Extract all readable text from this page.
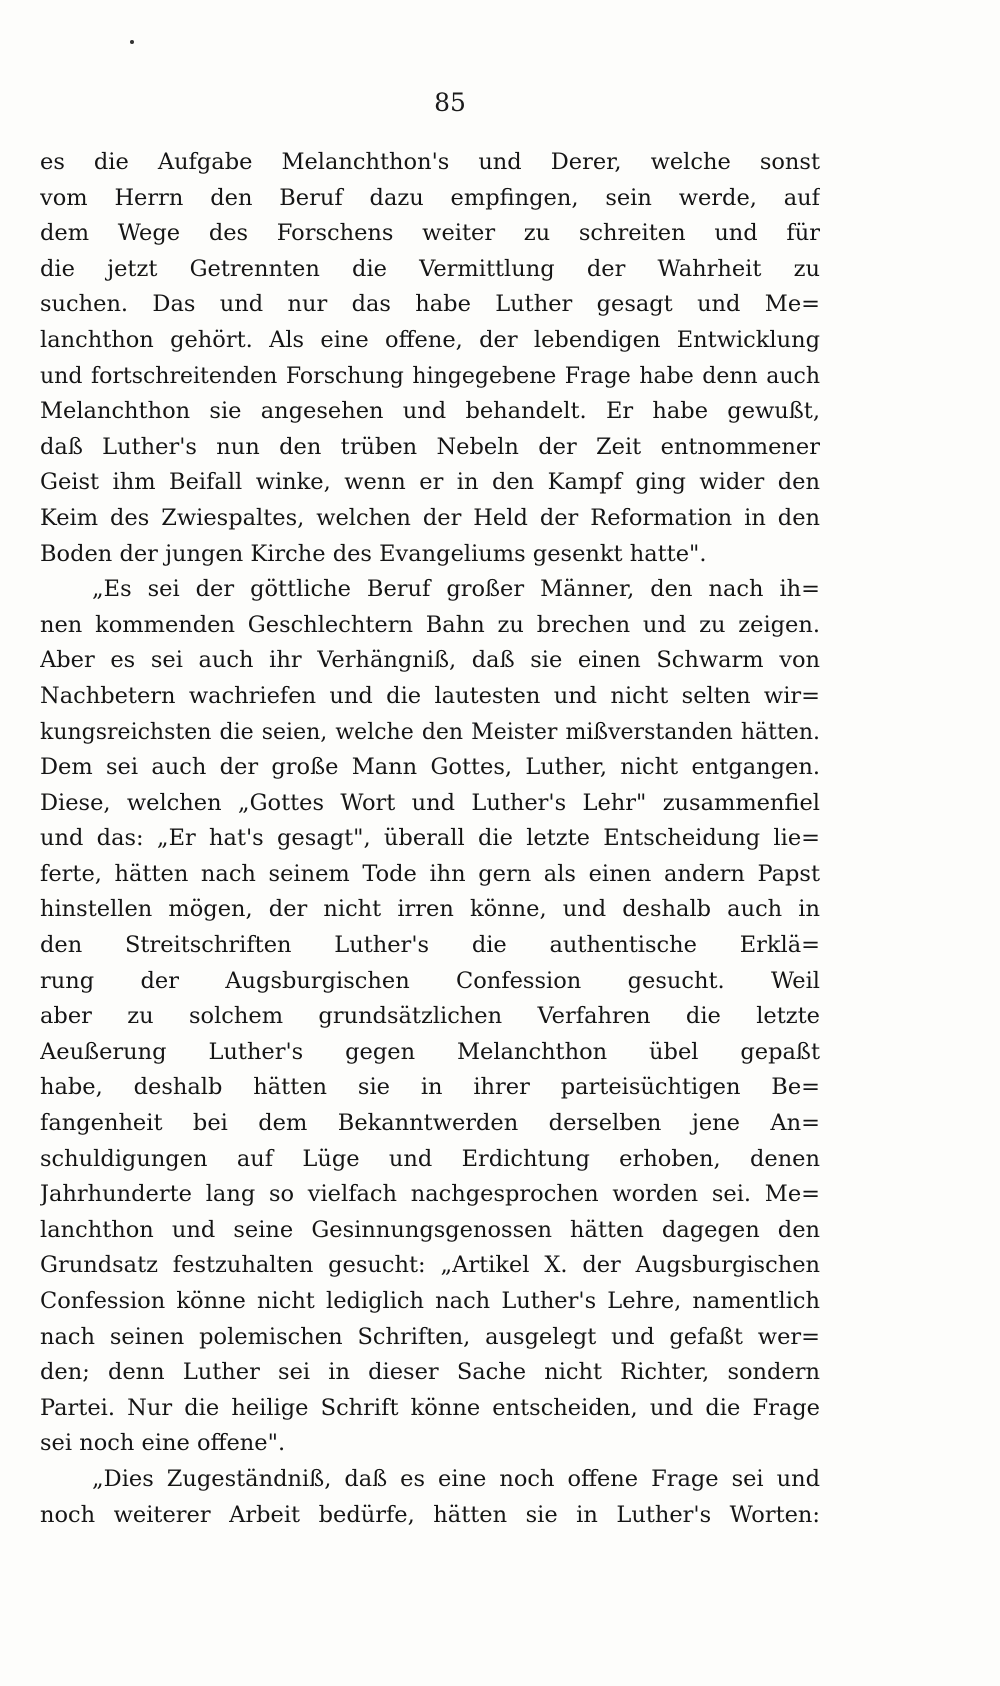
85
es die Aufgabe Melanchthon's und Derer, welche sonst
vom Herrn den Beruf dazu empfingen, sein werde, auf
dem Wege des Forschens weiter zu schreiten und für
die jetzt Getrennten die Vermittlung der Wahrheit zu
suchen. Das und nur das habe Luther gesagt und Me=
lanchthon gehört. Als eine offene, der lebendigen Entwicklung
und fortschreitenden Forschung hingegebene Frage habe denn auch
Melanchthon sie angesehen und behandelt. Er habe gewußt,
daß Luther's nun den trüben Nebeln der Zeit entnommener
Geist ihm Beifall winke, wenn er in den Kampf ging wider den
Keim des Zwiespaltes, welchen der Held der Reformation in den
Boden der jungen Kirche des Evangeliums gesenkt hatte".
„Es sei der göttliche Beruf großer Männer, den nach ih=
nen kommenden Geschlechtern Bahn zu brechen und zu zeigen.
Aber es sei auch ihr Verhängniß, daß sie einen Schwarm von
Nachbetern wachriefen und die lautesten und nicht selten wir=
kungsreichsten die seien, welche den Meister mißverstanden hätten.
Dem sei auch der große Mann Gottes, Luther, nicht entgangen.
Diese, welchen „Gottes Wort und Luther's Lehr" zusammenfiel
und das: „Er hat's gesagt", überall die letzte Entscheidung lie=
ferte, hätten nach seinem Tode ihn gern als einen andern Papst
hinstellen mögen, der nicht irren könne, und deshalb auch in
den Streitschriften Luther's die authentische Erklä=
rung der Augsburgischen Confession gesucht. Weil
aber zu solchem grundsätzlichen Verfahren die letzte
Aeußerung Luther's gegen Melanchthon übel gepaßt
habe, deshalb hätten sie in ihrer parteisüchtigen Be=
fangenheit bei dem Bekanntwerden derselben jene An=
schuldigungen auf Lüge und Erdichtung erhoben, denen
Jahrhunderte lang so vielfach nachgesprochen worden sei. Me=
lanchthon und seine Gesinnungsgenossen hätten dagegen den
Grundsatz festzuhalten gesucht: „Artikel X. der Augsburgischen
Confession könne nicht lediglich nach Luther's Lehre, namentlich
nach seinen polemischen Schriften, ausgelegt und gefaßt wer=
den; denn Luther sei in dieser Sache nicht Richter, sondern
Partei. Nur die heilige Schrift könne entscheiden, und die Frage
sei noch eine offene".
„Dies Zugeständniß, daß es eine noch offene Frage sei und
noch weiterer Arbeit bedürfe, hätten sie in Luther's Worten:
